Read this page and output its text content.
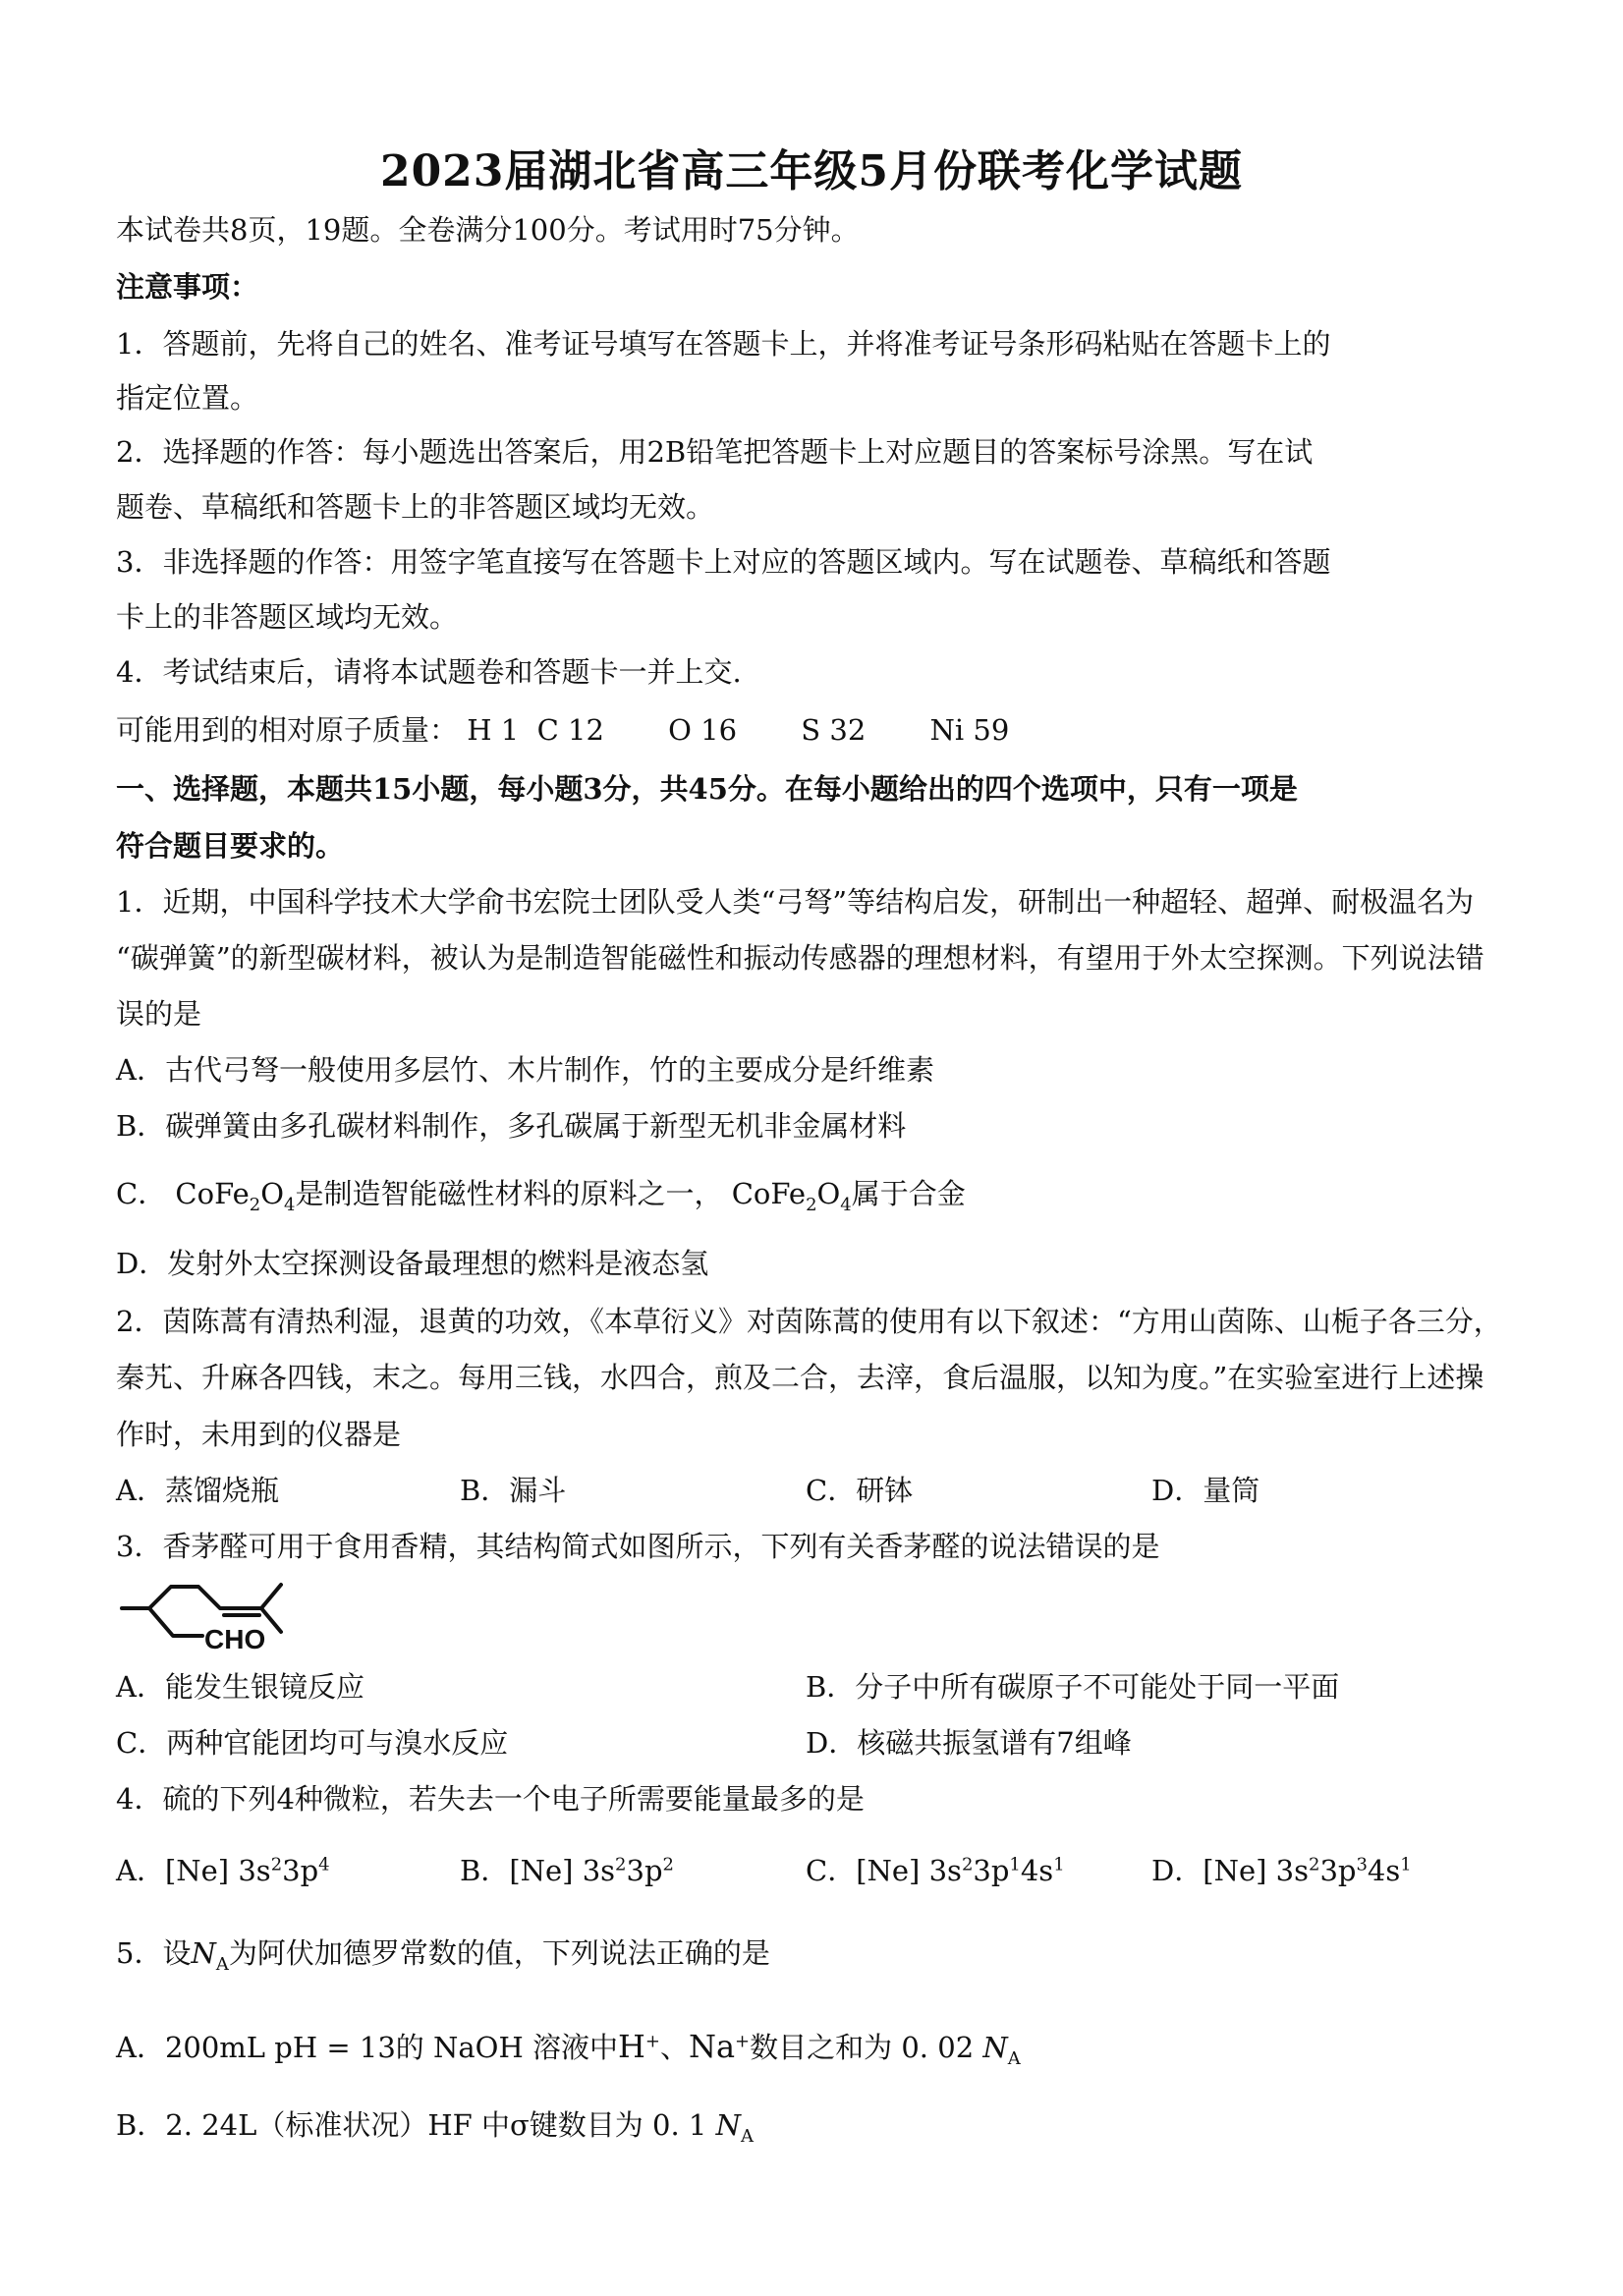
2023届湖北省高三年级5月份联考化学试题
本试卷共8页，19题。全卷满分100分。考试用时75分钟。
注意事项：
1．答题前，先将自己的姓名、准考证号填写在答题卡上，并将准考证号条形码粘贴在答题卡上的
指定位置。
2．选择题的作答：每小题选出答案后，用2B铅笔把答题卡上对应题目的答案标号涂黑。写在试
题卷、草稿纸和答题卡上的非答题区域均无效。
3．非选择题的作答：用签字笔直接写在答题卡上对应的答题区域内。写在试题卷、草稿纸和答题
卡上的非答题区域均无效。
4．考试结束后，请将本试题卷和答题卡一并上交.
可能用到的相对原子质量： H 1 C 12 O 16 S 32 Ni 59
一、选择题，本题共15小题，每小题3分，共45分。在每小题给出的四个选项中，只有一项是
符合题目要求的。
1．近期，中国科学技术大学俞书宏院士团队受人类“弓弩”等结构启发，研制出一种超轻、超弹、耐极温名为
“碳弹簧”的新型碳材料，被认为是制造智能磁性和振动传感器的理想材料，有望用于外太空探测。下列说法错
误的是
A．古代弓弩一般使用多层竹、木片制作，竹的主要成分是纤维素
B．碳弹簧由多孔碳材料制作，多孔碳属于新型无机非金属材料
C． $CoFe_2O_4$是制造智能磁性材料的原料之一， $CoFe_2O_4$属于合金
D．发射外太空探测设备最理想的燃料是液态氢
2．茵陈蒿有清热利湿，退黄的功效，《本草衍义》对茵陈蒿的使用有以下叙述：“方用山茵陈、山栀子各三分，
秦艽、升麻各四钱，末之。每用三钱，水四合，煎及二合，去滓，食后温服，以知为度。”在实验室进行上述操
作时，未用到的仪器是
A．蒸馏烧瓶	B．漏斗	C．研钵	D．量筒
3．香茅醛可用于食用香精，其结构简式如图所示，下列有关香茅醛的说法错误的是
CHO
A．能发生银镜反应	B．分子中所有碳原子不可能处于同一平面
C．两种官能团均可与溴水反应	D．核磁共振氢谱有7组峰
4．硫的下列4种微粒，若失去一个电子所需要能量最多的是
A．[Ne] $3s^23p^4$	B．[Ne] $3s^23p^2$	C．[Ne] $3s^23p^14s^1$	D．[Ne] $3s^23p^34s^1$
5．设$N_A$为阿伏加德罗常数的值，下列说法正确的是
A．200mL pH = 13的 NaOH 溶液中H+、Na+数目之和为 0. 02 $N_A$
B．2. 24L（标准状况）HF 中σ键数目为 0. 1 $N_A$
